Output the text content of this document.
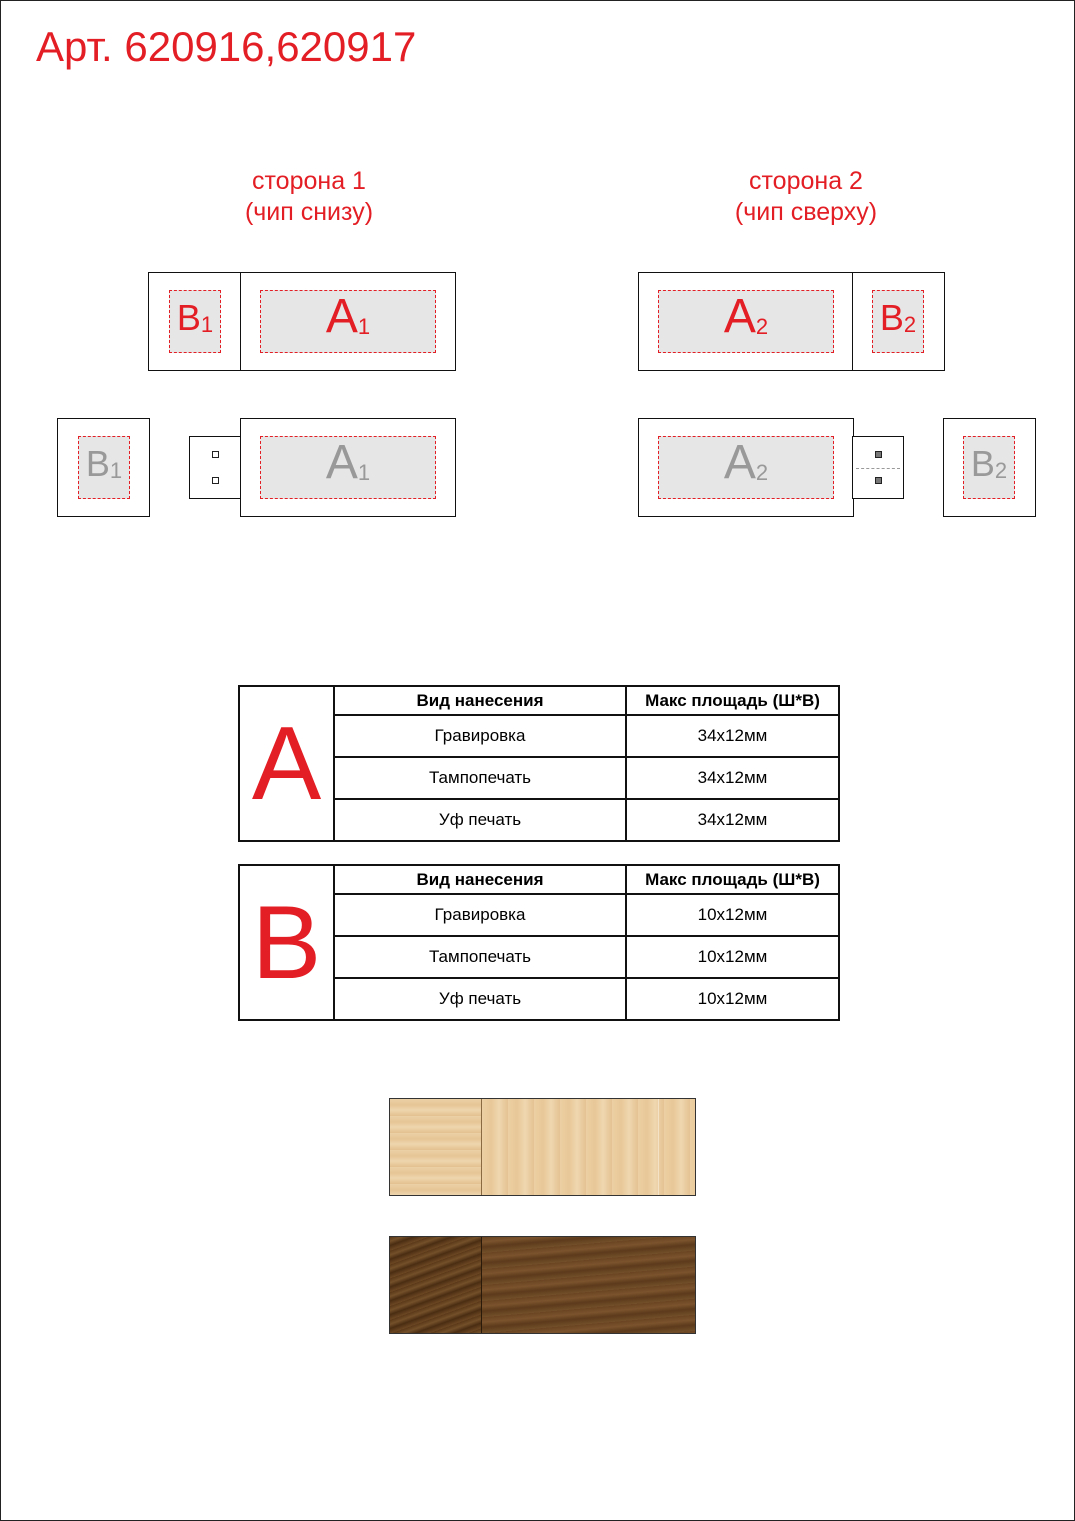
Арт. 620916,620917
сторона 1
(чип снизу)
сторона 2
(чип сверху)
B1 A1
B1	A1
A2	B2
A2	B2
A	Вид нанесения	Макс площадь (Ш*В)
	Гравировка	34х12мм
	Тампопечать	34х12мм
	Уф печать	34х12мм
B	Вид нанесения	Макс площадь (Ш*В)
	Гравировка	10х12мм
	Тампопечать	10х12мм
	Уф печать	10х12мм
